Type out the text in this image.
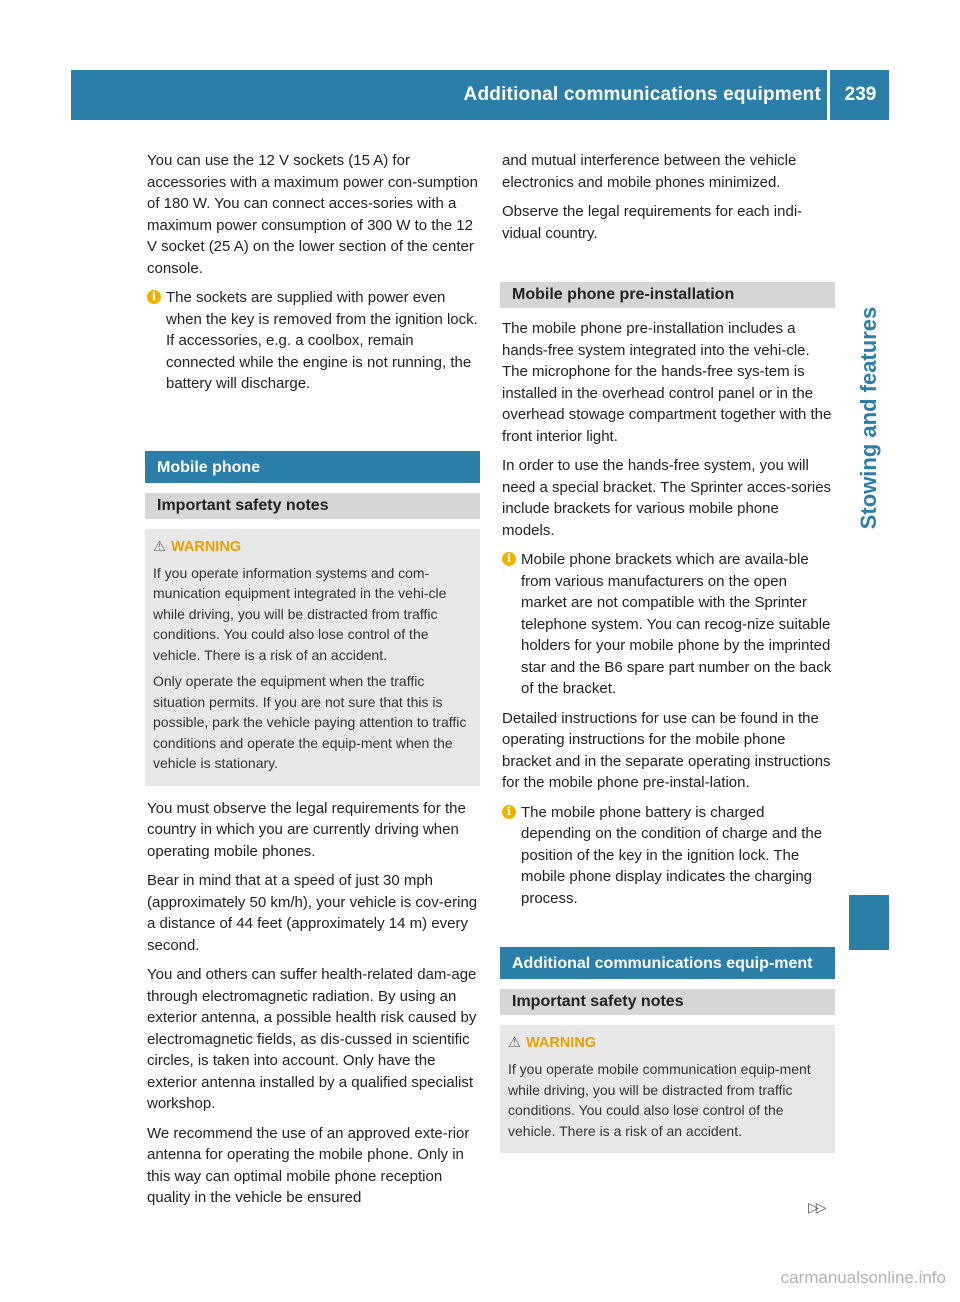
Additional communications equipment	239
Stowing and features

You can use the 12 V sockets (15 A) for accessories with a maximum power con-sumption of 180 W. You can connect acces-sories with a maximum power consumption of 300 W to the 12 V socket (25 A) on the lower section of the center console.

i The sockets are supplied with power even when the key is removed from the ignition lock. If accessories, e.g. a coolbox, remain connected while the engine is not running, the battery will discharge.
Mobile phone
Important safety notes
⚠ WARNING

If you operate information systems and com-munication equipment integrated in the vehi-cle while driving, you will be distracted from traffic conditions. You could also lose control of the vehicle. There is a risk of an accident.

Only operate the equipment when the traffic situation permits. If you are not sure that this is possible, park the vehicle paying attention to traffic conditions and operate the equip-ment when the vehicle is stationary.

You must observe the legal requirements for the country in which you are currently driving when operating mobile phones.

Bear in mind that at a speed of just 30 mph (approximately 50 km/h), your vehicle is cov-ering a distance of 44 feet (approximately 14 m) every second.

You and others can suffer health-related dam-age through electromagnetic radiation. By using an exterior antenna, a possible health risk caused by electromagnetic fields, as dis-cussed in scientific circles, is taken into account. Only have the exterior antenna installed by a qualified specialist workshop.

We recommend the use of an approved exte-rior antenna for operating the mobile phone. Only in this way can optimal mobile phone reception quality in the vehicle be ensured

and mutual interference between the vehicle electronics and mobile phones minimized.

Observe the legal requirements for each indi-vidual country.

Mobile phone pre-installation

The mobile phone pre-installation includes a hands-free system integrated into the vehi-cle. The microphone for the hands-free sys-tem is installed in the overhead control panel or in the overhead stowage compartment together with the front interior light.

In order to use the hands-free system, you will need a special bracket. The Sprinter acces-sories include brackets for various mobile phone models.

i Mobile phone brackets which are availa-ble from various manufacturers on the open market are not compatible with the Sprinter telephone system. You can recog-nize suitable holders for your mobile phone by the imprinted star and the B6 spare part number on the back of the bracket.

Detailed instructions for use can be found in the operating instructions for the mobile phone bracket and in the separate operating instructions for the mobile phone pre-instal-lation.

i The mobile phone battery is charged depending on the condition of charge and the position of the key in the ignition lock. The mobile phone display indicates the charging process.
Additional communications equip-ment
Important safety notes
⚠ WARNING

If you operate mobile communication equip-ment while driving, you will be distracted from traffic conditions. You could also lose control of the vehicle. There is a risk of an accident.

▷▷
carmanualsonline.info
